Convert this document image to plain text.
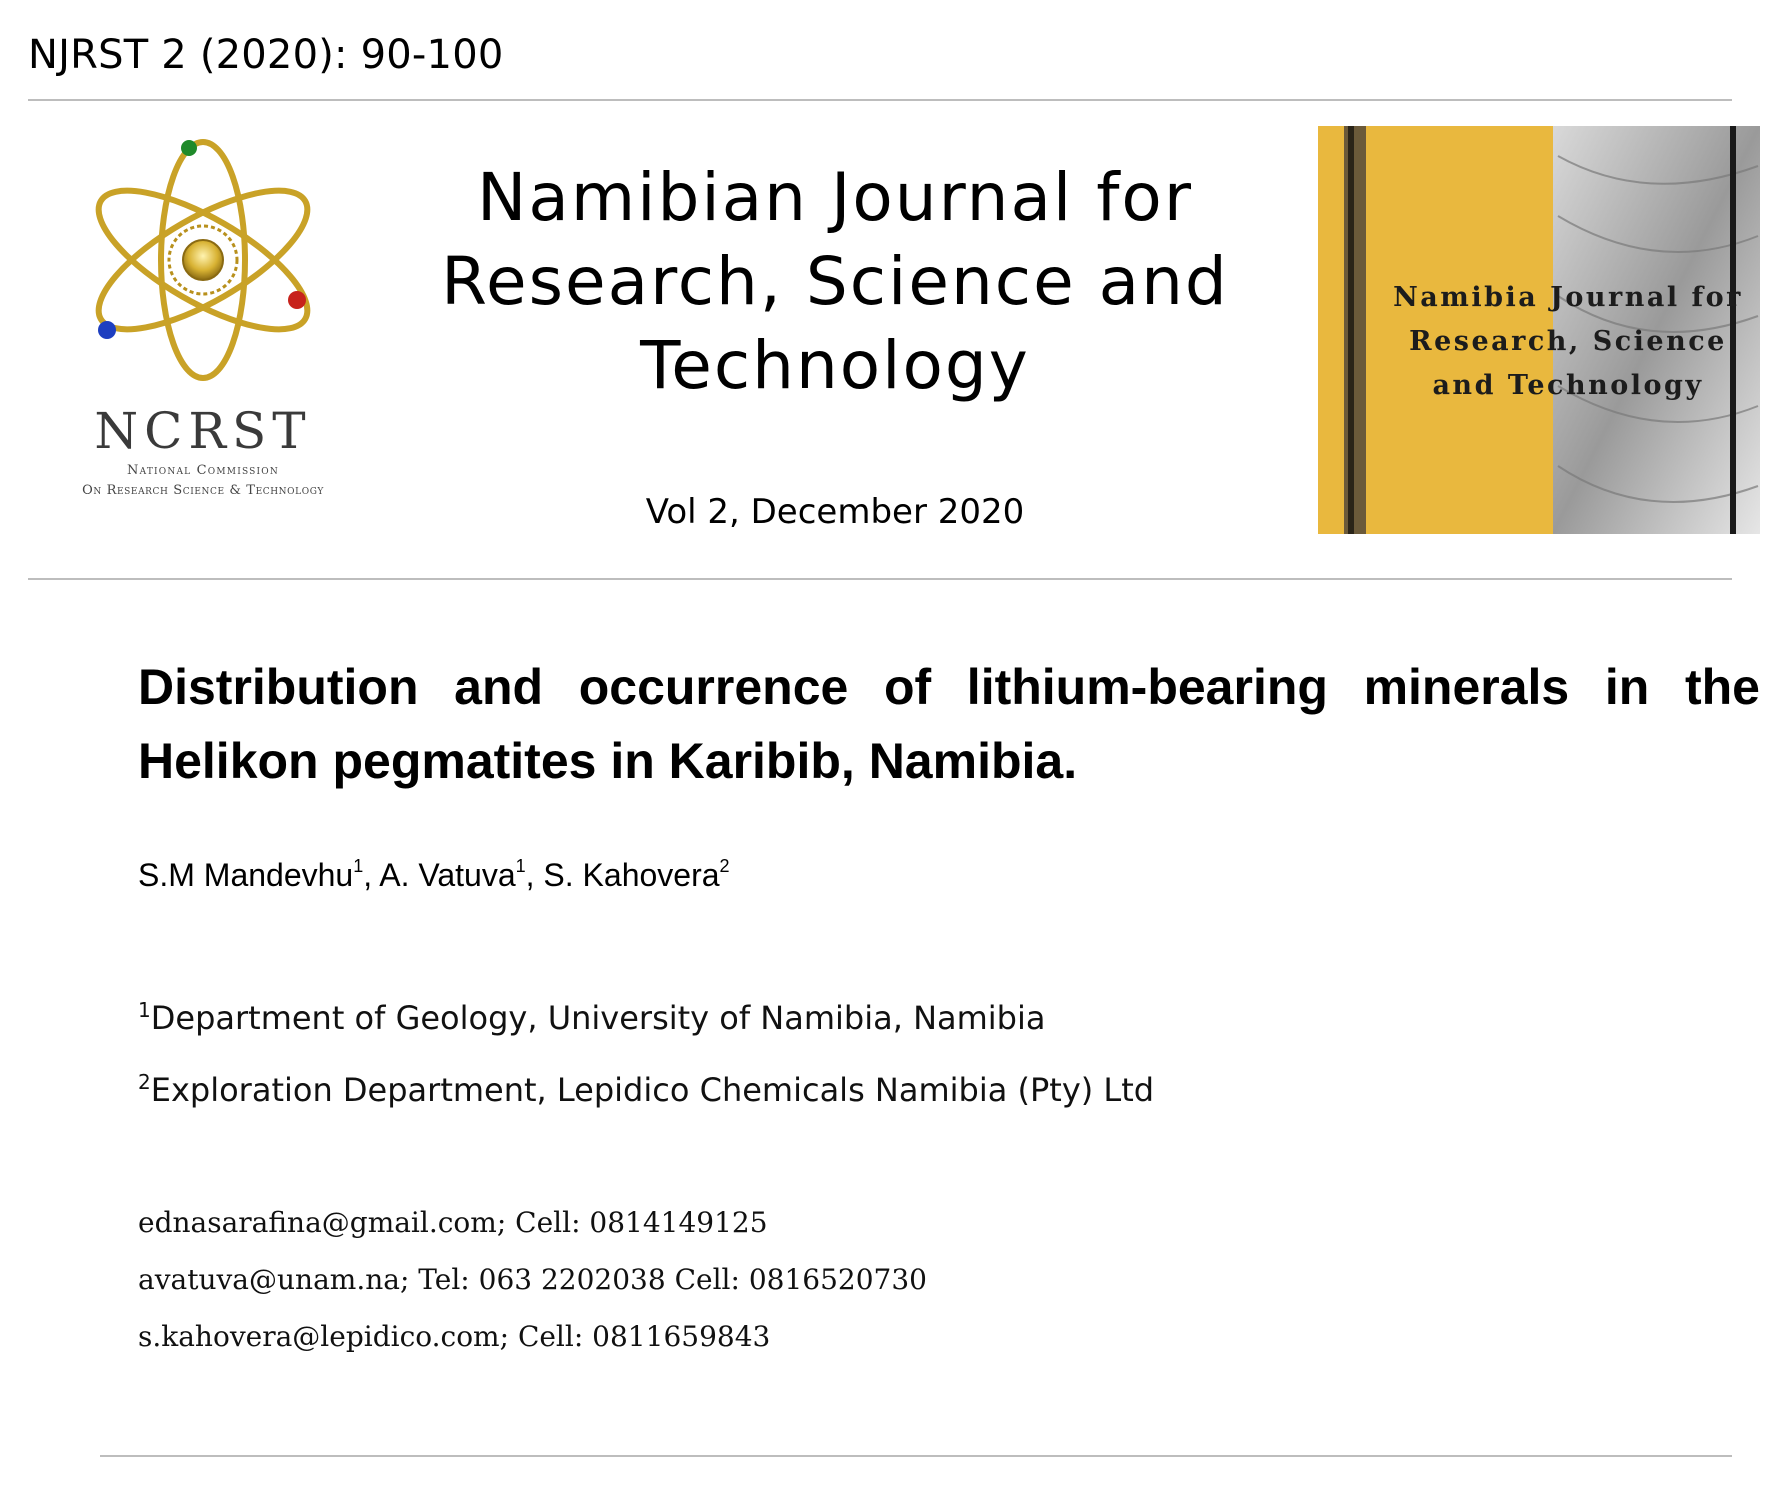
NJRST 2 (2020): 90-100
NCRST
National Commission
On Research Science & Technology
Namibian Journal for Research, Science and Technology
Vol 2, December 2020
Namibia Journal for
Research, Science
and Technology
Distribution and occurrence of lithium-bearing minerals in the Helikon pegmatites in Karibib, Namibia.
S.M Mandevhu$^1$, A. Vatuva$^1$, S. Kahovera$^2$
$^1$Department of Geology, University of Namibia, Namibia
$^2$Exploration Department, Lepidico Chemicals Namibia (Pty) Ltd
ednasarafina@gmail.com; Cell: 0814149125
avatuva@unam.na; Tel: 063 2202038 Cell: 0816520730
s.kahovera@lepidico.com; Cell: 0811659843
